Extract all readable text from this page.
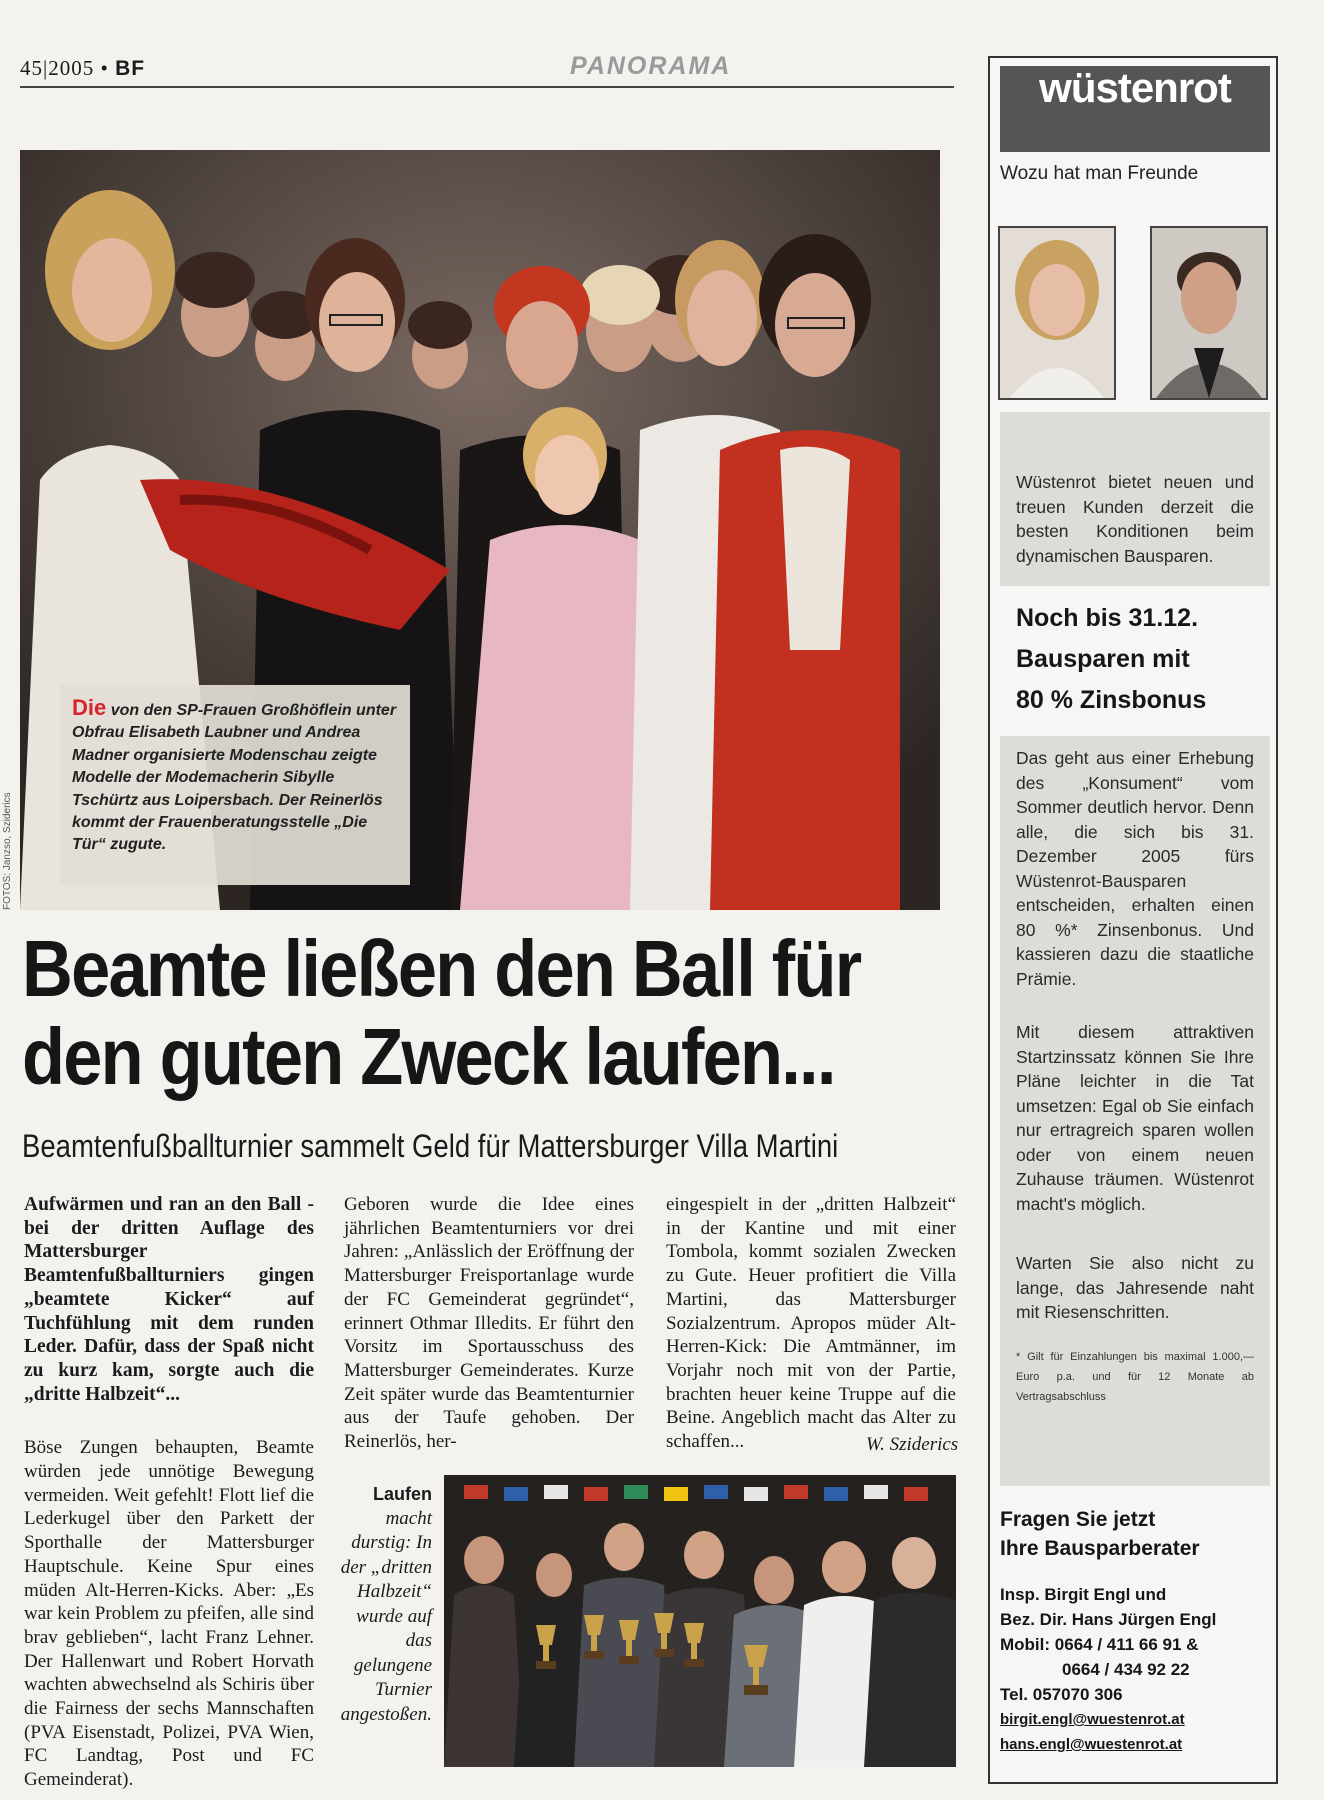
45|2005 • BF	PANORAMA
Die von den SP-Frauen Großhöflein unter Obfrau Elisabeth Laubner und Andrea Madner organisierte Modenschau zeigte Modelle der Modemacherin Sibylle Tschürtz aus Loipersbach. Der Reinerlös kommt der Frauenberatungsstelle „Die Tür“ zugute.
FOTOS: Janzso, Sziderics
Beamte ließen den Ball für
den guten Zweck laufen...
Beamtenfußballturnier sammelt Geld für Mattersburger Villa Martini
Aufwärmen und ran an den Ball - bei der dritten Auflage des Mattersburger Beamtenfußballturniers gingen „beamtete Kicker“ auf Tuchfühlung mit dem runden Leder. Dafür, dass der Spaß nicht zu kurz kam, sorgte auch die „dritte Halbzeit“...
Böse Zungen behaupten, Beamte würden jede unnötige Bewegung vermeiden. Weit gefehlt! Flott lief die Lederkugel über den Parkett der Sporthalle der Mattersburger Hauptschule. Keine Spur eines müden Alt-Herren-Kicks. Aber: „Es war kein Problem zu pfeifen, alle sind brav geblieben“, lacht Franz Lehner. Der Hallenwart und Robert Horvath wachten abwechselnd als Schiris über die Fairness der sechs Mannschaften (PVA Eisenstadt, Polizei, PVA Wien, FC Landtag, Post und FC Gemeinderat).
Geboren wurde die Idee eines jährlichen Beamtenturniers vor drei Jahren: „Anlässlich der Eröffnung der Mattersburger Freisportanlage wurde der FC Gemeinderat gegründet“, erinnert Othmar Illedits. Er führt den Vorsitz im Sportausschuss des Mattersburger Gemeinderates. Kurze Zeit später wurde das Beamtenturnier aus der Taufe gehoben. Der Reinerlös, her-
eingespielt in der „dritten Halbzeit“ in der Kantine und mit einer Tombola, kommt sozialen Zwecken zu Gute. Heuer profitiert die Villa Martini, das Mattersburger Sozialzentrum. Apropos müder Alt-Herren-Kick: Die Amtmänner, im Vorjahr noch mit von der Partie, brachten heuer keine Truppe auf die Beine. Angeblich macht das Alter zu schaffen...	W. Sziderics
Laufen
macht durstig: In der „dritten Halbzeit“ wurde auf das gelungene Turnier angestoßen.
wüstenrot
Wozu hat man Freunde
Wüstenrot bietet neuen und treuen Kunden derzeit die besten Konditionen beim dynamischen Bausparen.
Noch bis 31.12.
Bausparen mit
80 % Zinsbonus
Das geht aus einer Erhebung des „Konsument“ vom Sommer deutlich hervor. Denn alle, die sich bis 31. Dezember 2005 fürs Wüstenrot-Bausparen entscheiden, erhalten einen 80 %* Zinsenbonus. Und kassieren dazu die staatliche Prämie.
Mit diesem attraktiven Startzinssatz können Sie Ihre Pläne leichter in die Tat umsetzen: Egal ob Sie einfach nur ertragreich sparen wollen oder von einem neuen Zuhause träumen. Wüstenrot macht's möglich.
Warten Sie also nicht zu lange, das Jahresende naht mit Riesenschritten.
* Gilt für Einzahlungen bis maximal 1.000,— Euro p.a. und für 12 Monate ab Vertragsabschluss
Fragen Sie jetzt
Ihre Bausparberater
Insp. Birgit Engl und
Bez. Dir. Hans Jürgen Engl
Mobil: 0664 / 411 66 91 &
0664 / 434 92 22
Tel. 057070 306
birgit.engl@wuestenrot.at
hans.engl@wuestenrot.at
